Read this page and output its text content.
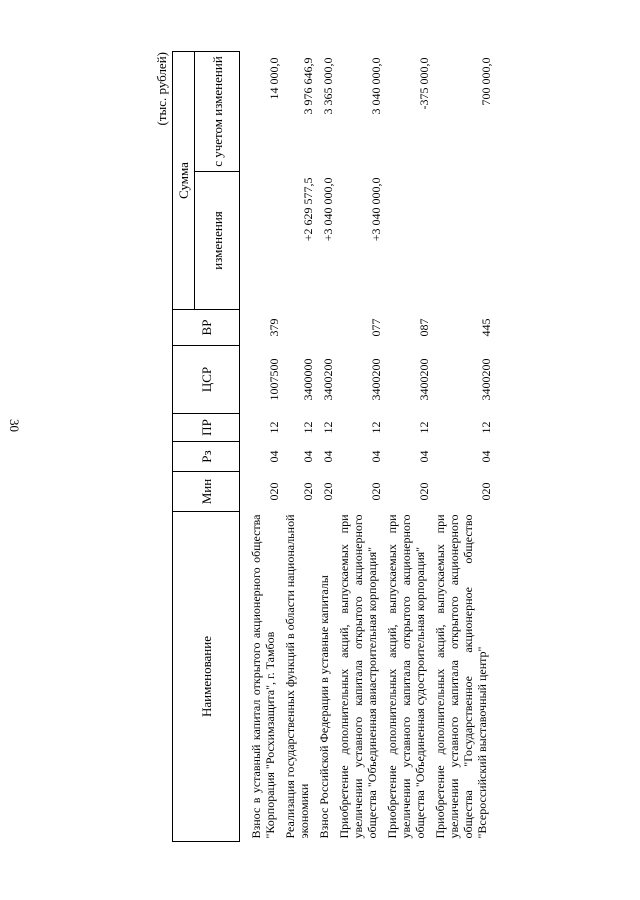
30
(тыс. рублей)
Наименование	Мин	Рз	ПР	ЦСР	ВР	Сумма	
						изменения	с учетом изменений

Взнос в уставный капитал открытого акционерного общества "Корпорация "Росхимзащита", г. Тамбов	020	04	12	1007500	379		14 000,0
Реализация государственных функций в области национальной экономики	020	04	12	3400000		+2 629 577,5	3 976 646,9
Взнос Российской Федерации в уставные капиталы	020	04	12	3400200		+3 040 000,0	3 365 000,0
Приобретение дополнительных акций, выпускаемых при увеличении уставного капитала открытого акционерного общества "Объединенная авиастроительная корпорация"	020	04	12	3400200	077	+3 040 000,0	3 040 000,0
Приобретение дополнительных акций, выпускаемых при увеличении уставного капитала открытого акционерного общества "Объединенная судостроительная корпорация"	020	04	12	3400200	087		-375 000,0
Приобретение дополнительных акций, выпускаемых при увеличении уставного капитала открытого акционерного общества "Государственное акционерное общество "Всероссийский выставочный центр"	020	04	12	3400200	445		700 000,0
